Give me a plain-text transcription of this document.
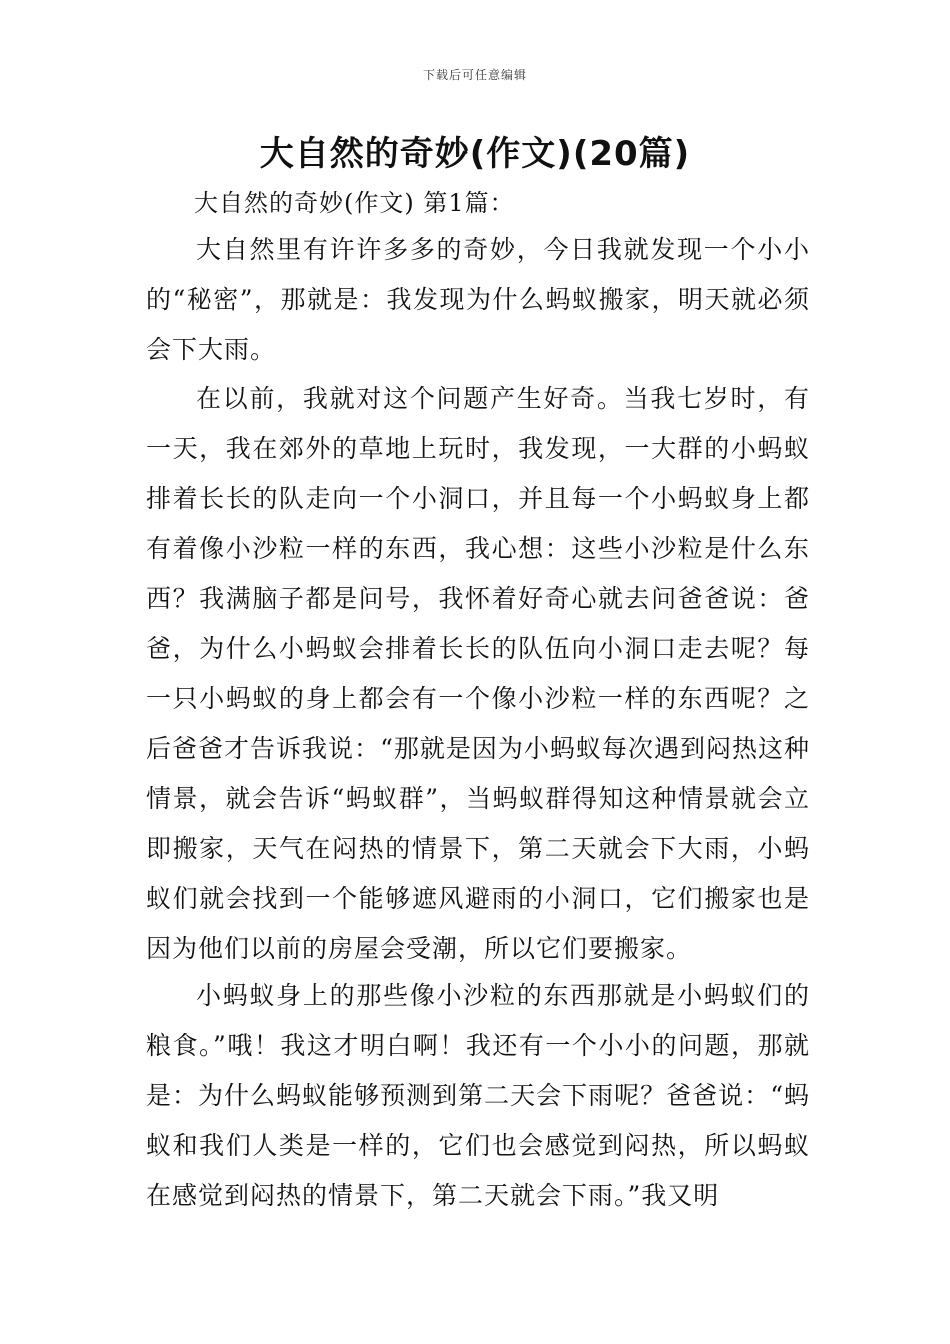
下载后可任意编辑
大自然的奇妙(作文)(20篇)
大自然的奇妙(作文) 第1篇：

大自然里有许许多多的奇妙，今日我就发现一个小小的“秘密”，那就是：我发现为什么蚂蚁搬家，明天就必须会下大雨。

在以前，我就对这个问题产生好奇。当我七岁时，有一天，我在郊外的草地上玩时，我发现，一大群的小蚂蚁排着长长的队走向一个小洞口，并且每一个小蚂蚁身上都有着像小沙粒一样的东西，我心想：这些小沙粒是什么东西？我满脑子都是问号，我怀着好奇心就去问爸爸说：爸爸，为什么小蚂蚁会排着长长的队伍向小洞口走去呢？每一只小蚂蚁的身上都会有一个像小沙粒一样的东西呢？之后爸爸才告诉我说：“那就是因为小蚂蚁每次遇到闷热这种情景，就会告诉“蚂蚁群”，当蚂蚁群得知这种情景就会立即搬家，天气在闷热的情景下，第二天就会下大雨，小蚂蚁们就会找到一个能够遮风避雨的小洞口，它们搬家也是因为他们以前的房屋会受潮，所以它们要搬家。

小蚂蚁身上的那些像小沙粒的东西那就是小蚂蚁们的粮食。”哦！我这才明白啊！我还有一个小小的问题，那就是：为什么蚂蚁能够预测到第二天会下雨呢？爸爸说：“蚂蚁和我们人类是一样的，它们也会感觉到闷热，所以蚂蚁在感觉到闷热的情景下，第二天就会下雨。”我又明
